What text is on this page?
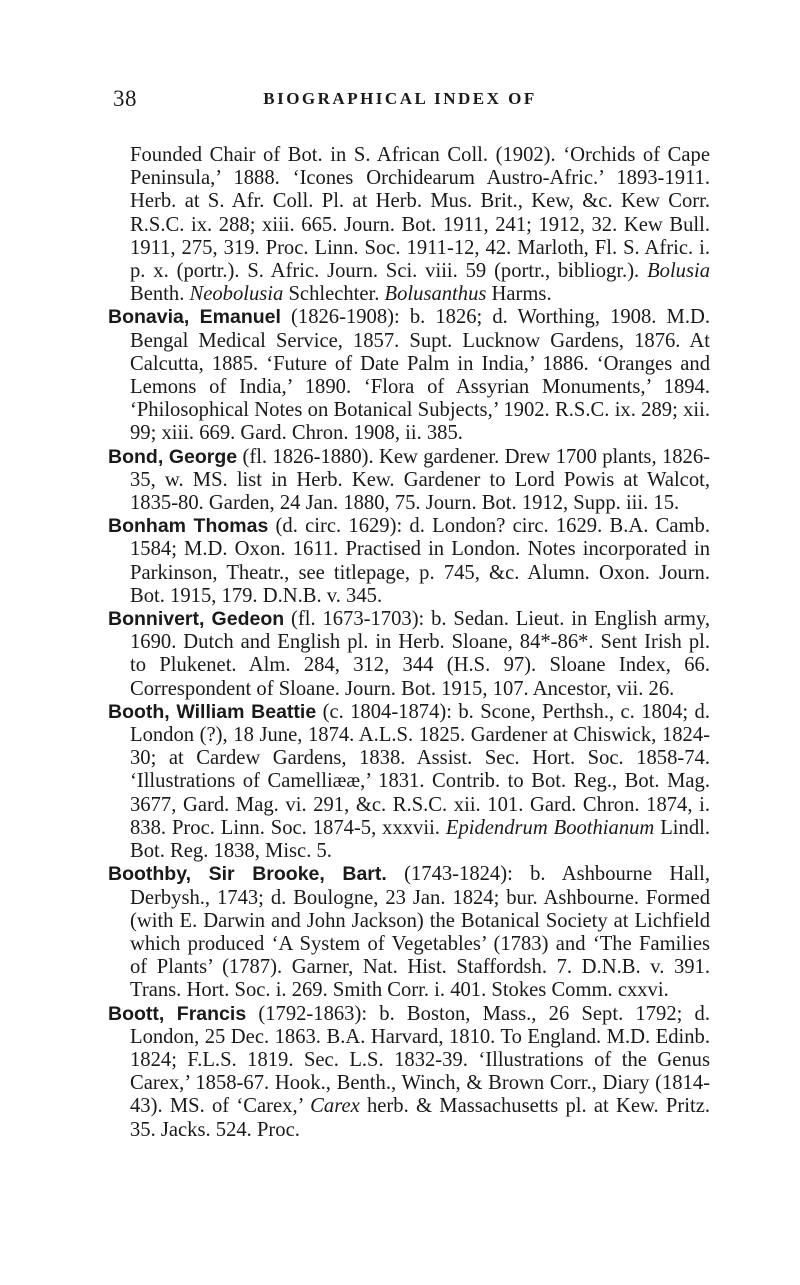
38	BIOGRAPHICAL INDEX OF

Founded Chair of Bot. in S. African Coll. (1902). ‘Orchids of Cape Peninsula,’ 1888. ‘Icones Orchidearum Austro-Afric.’ 1893-1911. Herb. at S. Afr. Coll. Pl. at Herb. Mus. Brit., Kew, &c. Kew Corr. R.S.C. ix. 288; xiii. 665. Journ. Bot. 1911, 241; 1912, 32. Kew Bull. 1911, 275, 319. Proc. Linn. Soc. 1911-12, 42. Marloth, Fl. S. Afric. i. p. x. (portr.). S. Afric. Journ. Sci. viii. 59 (portr., bibliogr.). Bolusia Benth. Neobolusia Schlechter. Bolusanthus Harms.

Bonavia, Emanuel (1826-1908): b. 1826; d. Worthing, 1908. M.D. Bengal Medical Service, 1857. Supt. Lucknow Gardens, 1876. At Calcutta, 1885. ‘Future of Date Palm in India,’ 1886. ‘Oranges and Lemons of India,’ 1890. ‘Flora of Assyrian Monuments,’ 1894. ‘Philosophical Notes on Botanical Subjects,’ 1902. R.S.C. ix. 289; xii. 99; xiii. 669. Gard. Chron. 1908, ii. 385.

Bond, George (fl. 1826-1880). Kew gardener. Drew 1700 plants, 1826-35, w. MS. list in Herb. Kew. Gardener to Lord Powis at Walcot, 1835-80. Garden, 24 Jan. 1880, 75. Journ. Bot. 1912, Supp. iii. 15.

Bonham Thomas (d. circ. 1629): d. London? circ. 1629. B.A. Camb. 1584; M.D. Oxon. 1611. Practised in London. Notes incorporated in Parkinson, Theatr., see titlepage, p. 745, &c. Alumn. Oxon. Journ. Bot. 1915, 179. D.N.B. v. 345.

Bonnivert, Gedeon (fl. 1673-1703): b. Sedan. Lieut. in English army, 1690. Dutch and English pl. in Herb. Sloane, 84*-86*. Sent Irish pl. to Plukenet. Alm. 284, 312, 344 (H.S. 97). Sloane Index, 66. Correspondent of Sloane. Journ. Bot. 1915, 107. Ancestor, vii. 26.

Booth, William Beattie (c. 1804-1874): b. Scone, Perthsh., c. 1804; d. London (?), 18 June, 1874. A.L.S. 1825. Gardener at Chiswick, 1824-30; at Cardew Gardens, 1838. Assist. Sec. Hort. Soc. 1858-74. ‘Illustrations of Camelliææ,’ 1831. Contrib. to Bot. Reg., Bot. Mag. 3677, Gard. Mag. vi. 291, &c. R.S.C. xii. 101. Gard. Chron. 1874, i. 838. Proc. Linn. Soc. 1874-5, xxxvii. Epidendrum Boothianum Lindl. Bot. Reg. 1838, Misc. 5.

Boothby, Sir Brooke, Bart. (1743-1824): b. Ashbourne Hall, Derbysh., 1743; d. Boulogne, 23 Jan. 1824; bur. Ashbourne. Formed (with E. Darwin and John Jackson) the Botanical Society at Lichfield which produced ‘A System of Vegetables’ (1783) and ‘The Families of Plants’ (1787). Garner, Nat. Hist. Staffordsh. 7. D.N.B. v. 391. Trans. Hort. Soc. i. 269. Smith Corr. i. 401. Stokes Comm. cxxvi.

Boott, Francis (1792-1863): b. Boston, Mass., 26 Sept. 1792; d. London, 25 Dec. 1863. B.A. Harvard, 1810. To England. M.D. Edinb. 1824; F.L.S. 1819. Sec. L.S. 1832-39. ‘Illustrations of the Genus Carex,’ 1858-67. Hook., Benth., Winch, & Brown Corr., Diary (1814-43). MS. of ‘Carex,’ Carex herb. & Massachusetts pl. at Kew. Pritz. 35. Jacks. 524. Proc.
